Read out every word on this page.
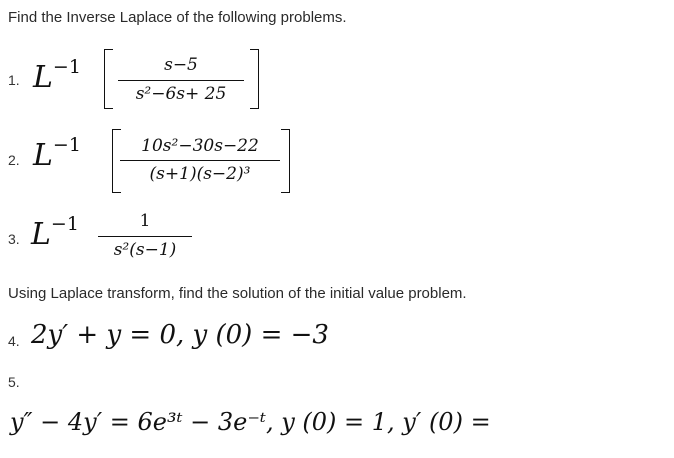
Find the Inverse Laplace of the following problems.
1. $L^{-1}$	s−5
s²−6s+ 25
2. $L^{-1}$	10s²−30s−22
(s+1)(s−2)³
3. $L^{-1}$	1
s²(s−1)
Using Laplace transform, find the solution of the initial value problem.
4. 2y′ + y = 0, y (0) = −3
5.
y″ − 4y′ = 6e³ᵗ − 3e⁻ᵗ, y (0) = 1, y′ (0) =
